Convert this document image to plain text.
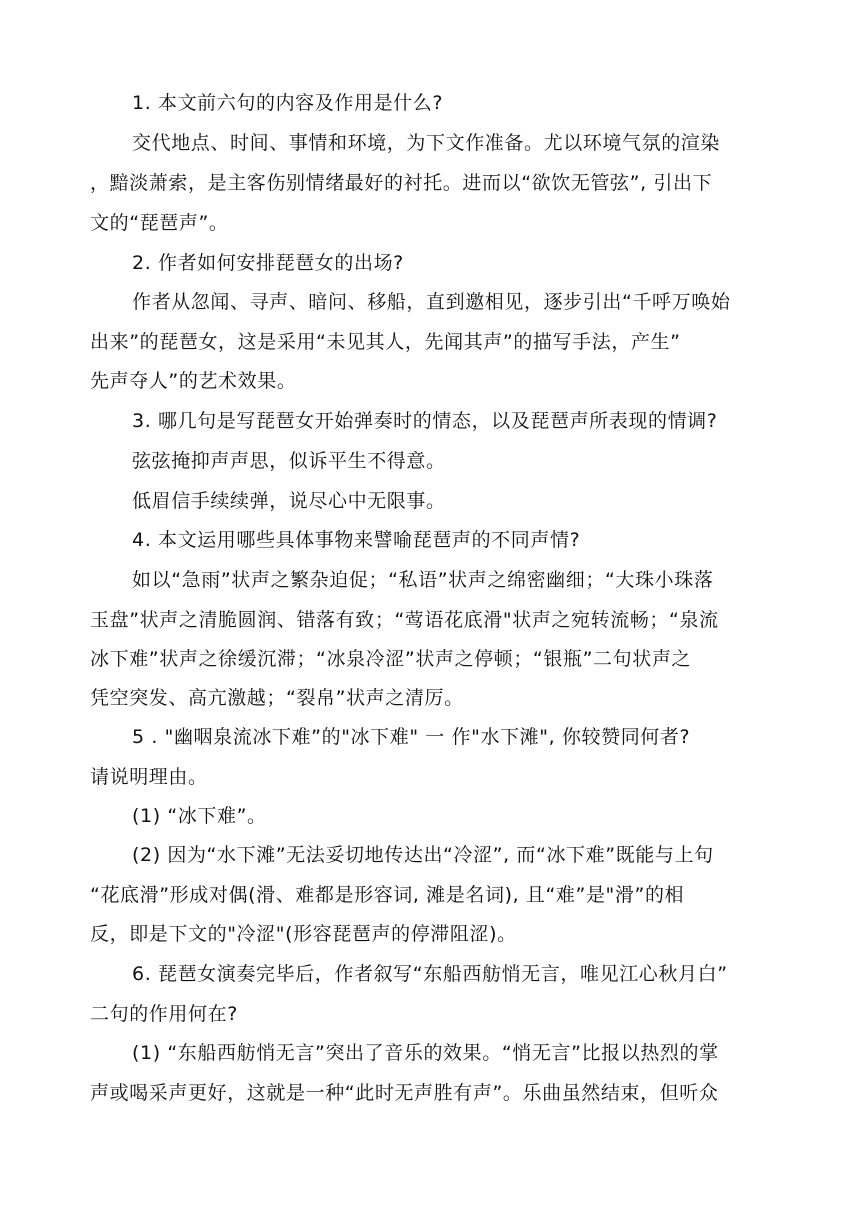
1. 本文前六句的内容及作用是什么?
交代地点、时间、事情和环境，为下文作准备。尤以环境气氛的渲染
，黯淡萧索，是主客伤别情绪最好的衬托。进而以“欲饮无管弦”, 引出下
文的“琵琶声”。
2. 作者如何安排琵琶女的出场?
作者从忽闻、寻声、暗问、移船，直到邀相见，逐步引出“千呼万唤始
出来”的琵琶女，这是采用“未见其人，先闻其声”的描写手法，产生”
先声夺人”的艺术效果。
3. 哪几句是写琵琶女开始弹奏时的情态，以及琵琶声所表现的情调?
弦弦掩抑声声思，似诉平生不得意。
低眉信手续续弹，说尽心中无限事。
4. 本文运用哪些具体事物来譬喻琵琶声的不同声情?
如以“急雨”状声之繁杂迫促；“私语”状声之绵密幽细；“大珠小珠落
玉盘”状声之清脆圆润、错落有致；“莺语花底滑"状声之宛转流畅；“泉流
冰下难”状声之徐缓沉滞；“冰泉冷涩”状声之停顿；“银瓶”二句状声之
凭空突发、高亢激越；“裂帛”状声之清厉。
5 . "幽咽泉流冰下难”的"冰下难" 一 作"水下滩", 你较赞同何者?
请说明理由。
(1) “冰下难”。
(2) 因为“水下滩”无法妥切地传达出“冷涩”, 而“冰下难”既能与上句
“花底滑”形成对偶(滑、难都是形容词, 滩是名词), 且“难”是"滑”的相
反，即是下文的"冷涩"(形容琵琶声的停滞阻涩)。
6. 琵琶女演奏完毕后，作者叙写“东船西舫悄无言，唯见江心秋月白”
二句的作用何在?
(1) “东船西舫悄无言”突出了音乐的效果。“悄无言”比报以热烈的掌
声或喝采声更好，这就是一种“此时无声胜有声”。乐曲虽然结束，但听众
